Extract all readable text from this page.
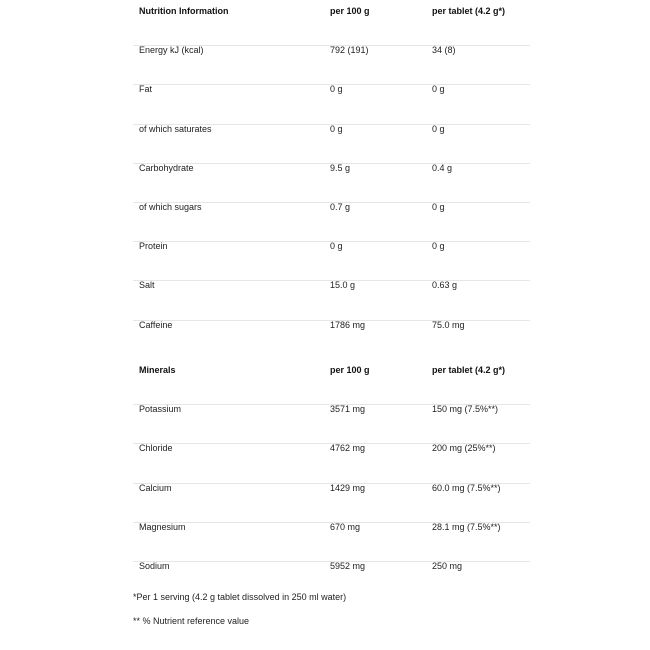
Nutrition Information	per 100 g	per tablet (4.2 g*)
Energy kJ (kcal)	792 (191)	34 (8)
Fat	0 g	0 g
of which saturates	0 g	0 g
Carbohydrate	9.5 g	0.4 g
of which sugars	0.7 g	0 g
Protein	0 g	0 g
Salt	15.0 g	0.63 g
Caffeine	1786 mg	75.0 mg
Minerals	per 100 g	per tablet (4.2 g*)
Potassium	3571 mg	150 mg (7.5%**)
Chloride	4762 mg	200 mg (25%**)
Calcium	1429 mg	60.0 mg (7.5%**)
Magnesium	670 mg	28.1 mg (7.5%**)
Sodium	5952 mg	250 mg
*Per 1 serving (4.2 g tablet dissolved in 250 ml water)
** % Nutrient reference value
